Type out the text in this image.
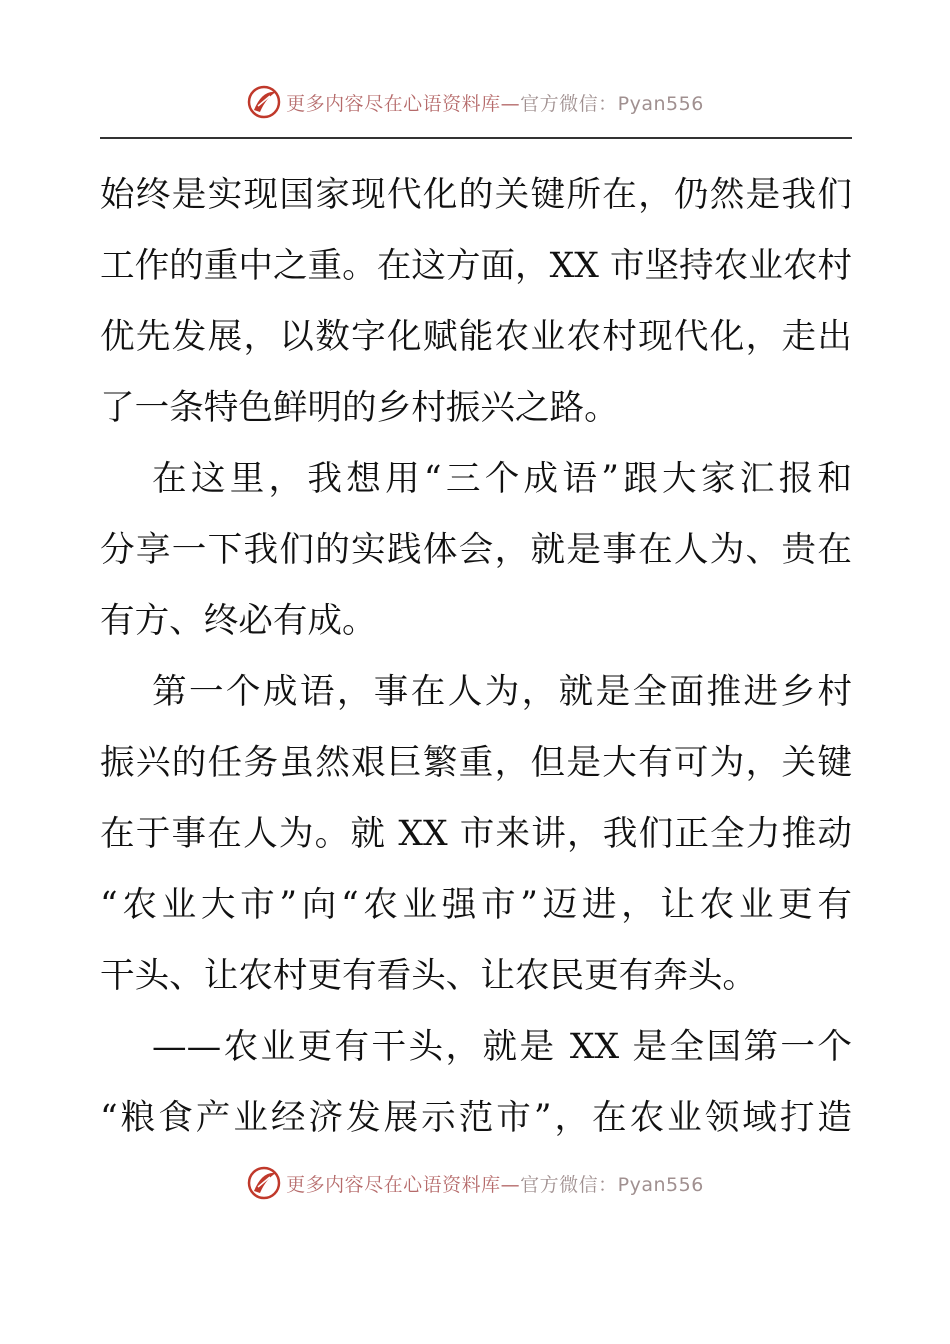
更多内容尽在心语资料库—官方微信：Pyan556
始终是实现国家现代化的关键所在，仍然是我们
工作的重中之重。在这方面，XX 市坚持农业农村
优先发展，以数字化赋能农业农村现代化，走出
了一条特色鲜明的乡村振兴之路。
在这里，我想用“三个成语”跟大家汇报和
分享一下我们的实践体会，就是事在人为、贵在
有方、终必有成。
第一个成语，事在人为，就是全面推进乡村
振兴的任务虽然艰巨繁重，但是大有可为，关键
在于事在人为。就 XX 市来讲，我们正全力推动
“农业大市”向“农业强市”迈进，让农业更有
干头、让农村更有看头、让农民更有奔头。
——农业更有干头，就是 XX 是全国第一个
“粮食产业经济发展示范市”，在农业领域打造
更多内容尽在心语资料库—官方微信：Pyan556
